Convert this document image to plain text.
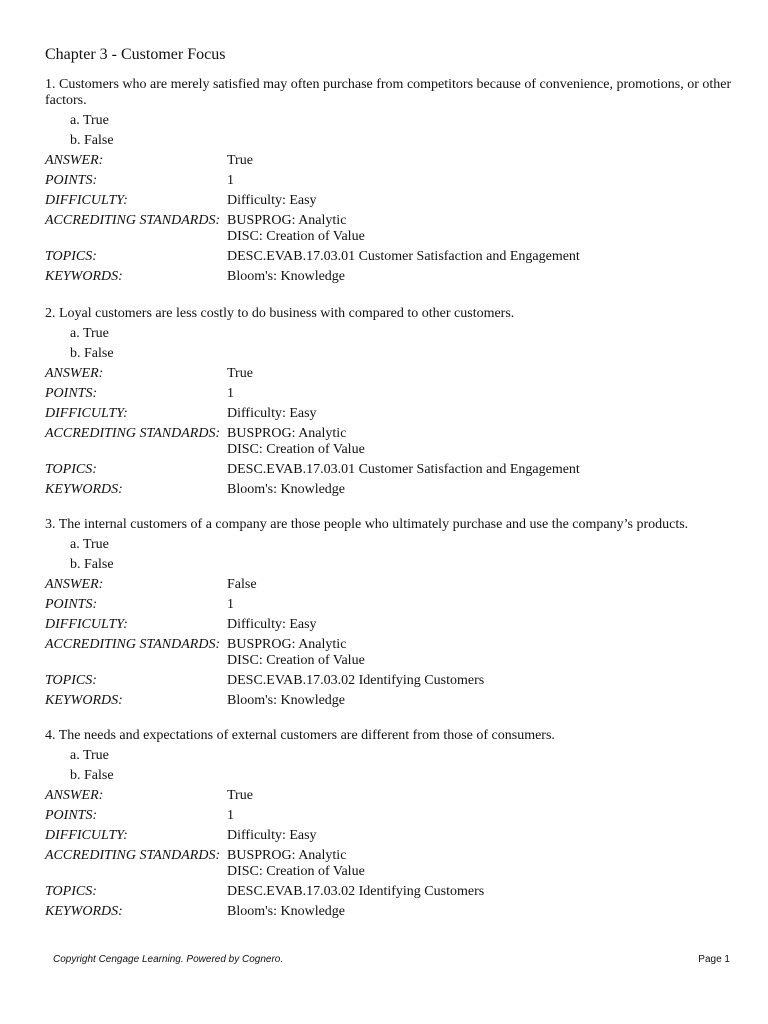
Chapter 3 - Customer Focus

1. Customers who are merely satisfied may often purchase from competitors because of convenience, promotions, or other factors.

a. True
b. False
ANSWER:	True
POINTS:	1
DIFFICULTY:	Difficulty: Easy
ACCREDITING STANDARDS: BUSPROG: Analytic
DISC: Creation of Value
TOPICS:	DESC.EVAB.17.03.01 Customer Satisfaction and Engagement
KEYWORDS:	Bloom's: Knowledge

2. Loyal customers are less costly to do business with compared to other customers.

a. True
b. False
ANSWER:	True
POINTS:	1
DIFFICULTY:	Difficulty: Easy
ACCREDITING STANDARDS: BUSPROG: Analytic
DISC: Creation of Value
TOPICS:	DESC.EVAB.17.03.01 Customer Satisfaction and Engagement
KEYWORDS:	Bloom's: Knowledge

3. The internal customers of a company are those people who ultimately purchase and use the company’s products.

a. True
b. False
ANSWER:	False
POINTS:	1
DIFFICULTY:	Difficulty: Easy
ACCREDITING STANDARDS: BUSPROG: Analytic
DISC: Creation of Value
TOPICS:	DESC.EVAB.17.03.02 Identifying Customers
KEYWORDS:	Bloom's: Knowledge

4. The needs and expectations of external customers are different from those of consumers.

a. True
b. False
ANSWER:	True
POINTS:	1
DIFFICULTY:	Difficulty: Easy
ACCREDITING STANDARDS: BUSPROG: Analytic
DISC: Creation of Value
TOPICS:	DESC.EVAB.17.03.02 Identifying Customers
KEYWORDS:	Bloom's: Knowledge
Copyright Cengage Learning. Powered by Cognero.	Page 1
